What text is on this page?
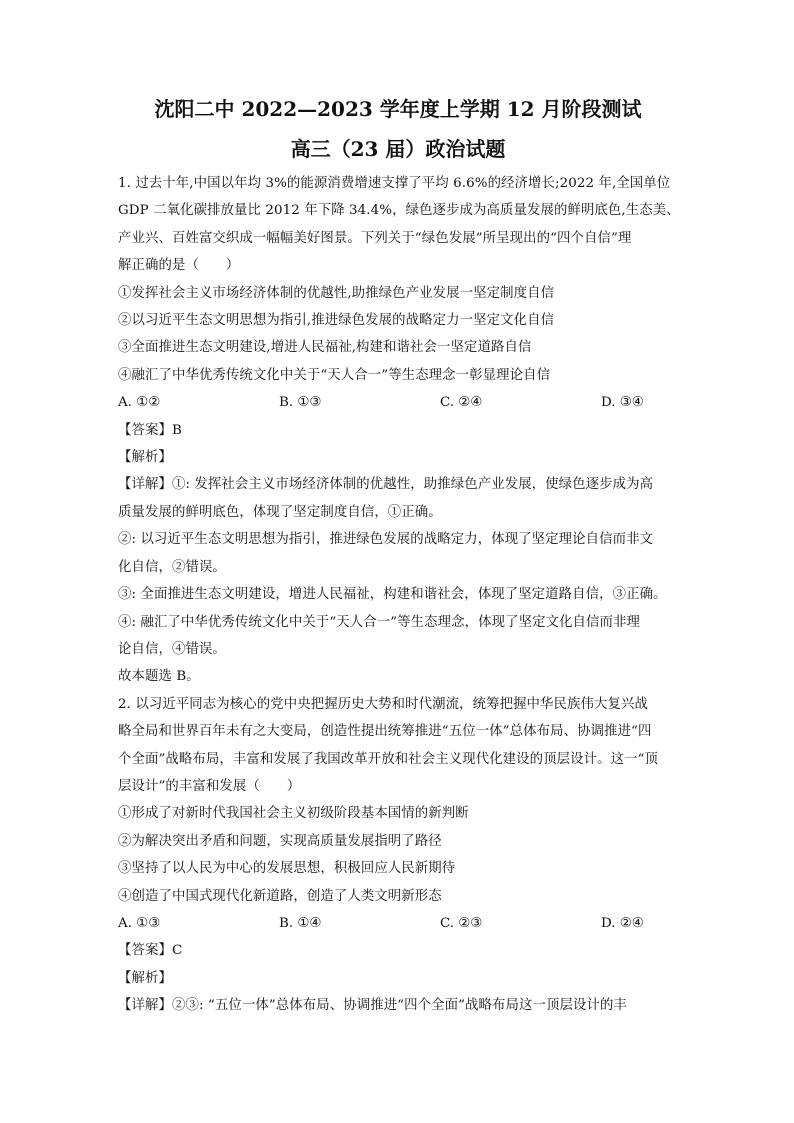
沈阳二中 2022—2023 学年度上学期 12 月阶段测试
高三（23 届）政治试题
1. 过去十年,中国以年均 3%的能源消费增速支撑了平均 6.6%的经济增长;2022 年,全国单位
GDP 二氧化碳排放量比 2012 年下降 34.4%，绿色逐步成为高质量发展的鲜明底色,生态美、
产业兴、百姓富交织成一幅幅美好图景。下列关于“绿色发展”所呈现出的“四个自信”理
解正确的是（　　）
①发挥社会主义市场经济体制的优越性,助推绿色产业发展一坚定制度自信
②以习近平生态文明思想为指引,推进绿色发展的战略定力一坚定文化自信
③全面推进生态文明建设,增进人民福祉,构建和谐社会一坚定道路自信
④融汇了中华优秀传统文化中关于“天人合一”等生态理念一彰显理论自信
A. ①②	B. ①③	C. ②④	D. ③④
【答案】B
【解析】
【详解】①: 发挥社会主义市场经济体制的优越性，助推绿色产业发展，使绿色逐步成为高
质量发展的鲜明底色，体现了坚定制度自信，①正确。
②: 以习近平生态文明思想为指引，推进绿色发展的战略定力，体现了坚定理论自信而非文
化自信，②错误。
③: 全面推进生态文明建设，增进人民福祉，构建和谐社会，体现了坚定道路自信，③正确。
④: 融汇了中华优秀传统文化中关于“天人合一”等生态理念，体现了坚定文化自信而非理
论自信，④错误。
故本题选 B。
2. 以习近平同志为核心的党中央把握历史大势和时代潮流，统筹把握中华民族伟大复兴战
略全局和世界百年未有之大变局，创造性提出统筹推进“五位一体”总体布局、协调推进“四
个全面”战略布局，丰富和发展了我国改革开放和社会主义现代化建设的顶层设计。这一“顶
层设计”的丰富和发展（　　）
①形成了对新时代我国社会主义初级阶段基本国情的新判断
②为解决突出矛盾和问题，实现高质量发展指明了路径
③坚持了以人民为中心的发展思想，积极回应人民新期待
④创造了中国式现代化新道路，创造了人类文明新形态
A. ①③	B. ①④	C. ②③	D. ②④
【答案】C
【解析】
【详解】②③: “五位一体”总体布局、协调推进“四个全面”战略布局这一顶层设计的丰
